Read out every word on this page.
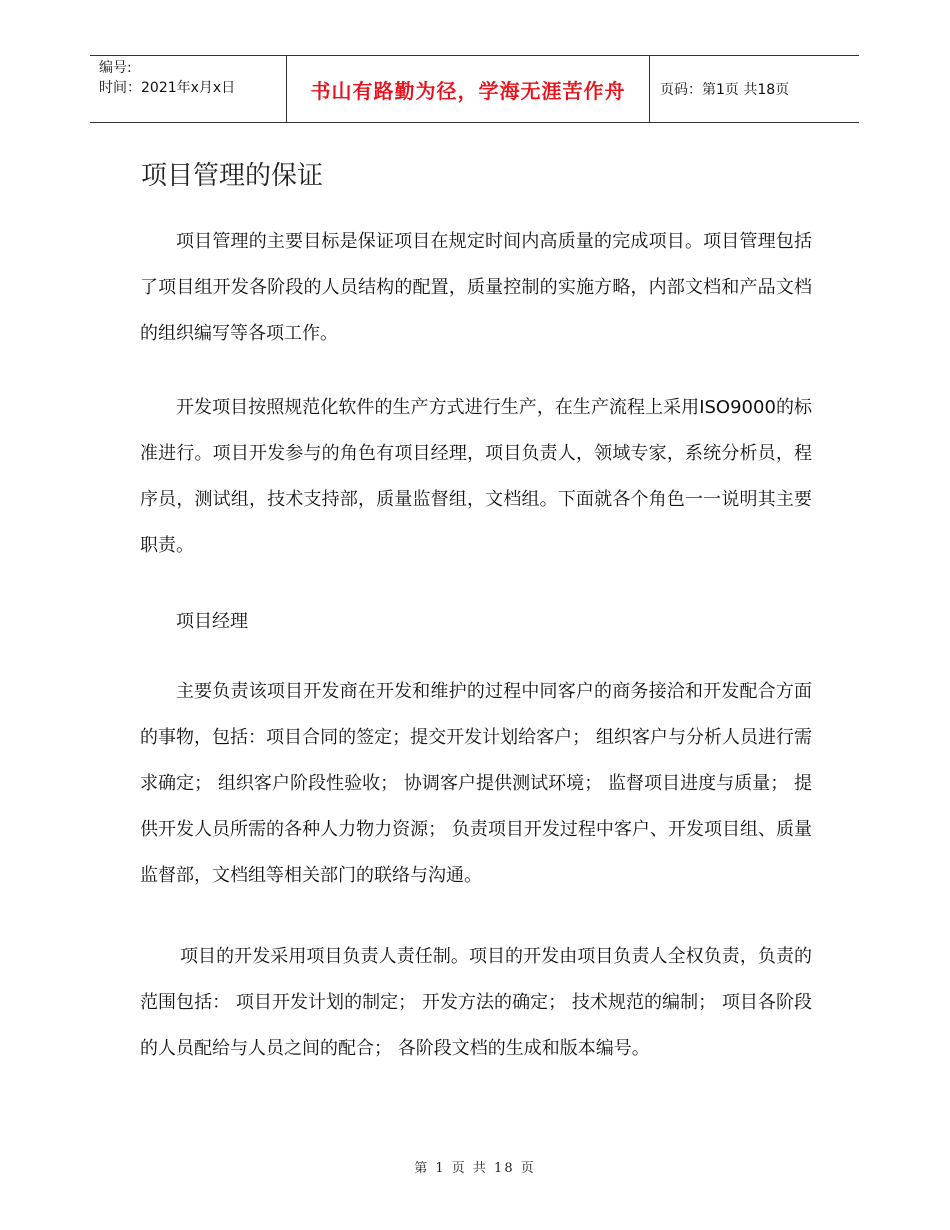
编号:
时间：2021年x月x日	书山有路勤为径，学海无涯苦作舟 页码：第1页 共18页
项目管理的保证

项目管理的主要目标是保证项目在规定时间内高质量的完成项目。项目管理包括了项目组开发各阶段的人员结构的配置，质量控制的实施方略，内部文档和产品文档的组织编写等各项工作。

开发项目按照规范化软件的生产方式进行生产，在生产流程上采用ISO9000的标准进行。项目开发参与的角色有项目经理，项目负责人，领域专家，系统分析员，程序员，测试组，技术支持部，质量监督组，文档组。下面就各个角色一一说明其主要职责。

项目经理

主要负责该项目开发商在开发和维护的过程中同客户的商务接洽和开发配合方面的事物，包括：项目合同的签定；提交开发计划给客户； 组织客户与分析人员进行需求确定； 组织客户阶段性验收； 协调客户提供测试环境； 监督项目进度与质量； 提供开发人员所需的各种人力物力资源； 负责项目开发过程中客户、开发项目组、质量监督部，文档组等相关部门的联络与沟通。

项目的开发采用项目负责人责任制。项目的开发由项目负责人全权负责，负责的范围包括： 项目开发计划的制定； 开发方法的确定； 技术规范的编制； 项目各阶段的人员配给与人员之间的配合； 各阶段文档的生成和版本编号。

第 1 页 共 18 页
